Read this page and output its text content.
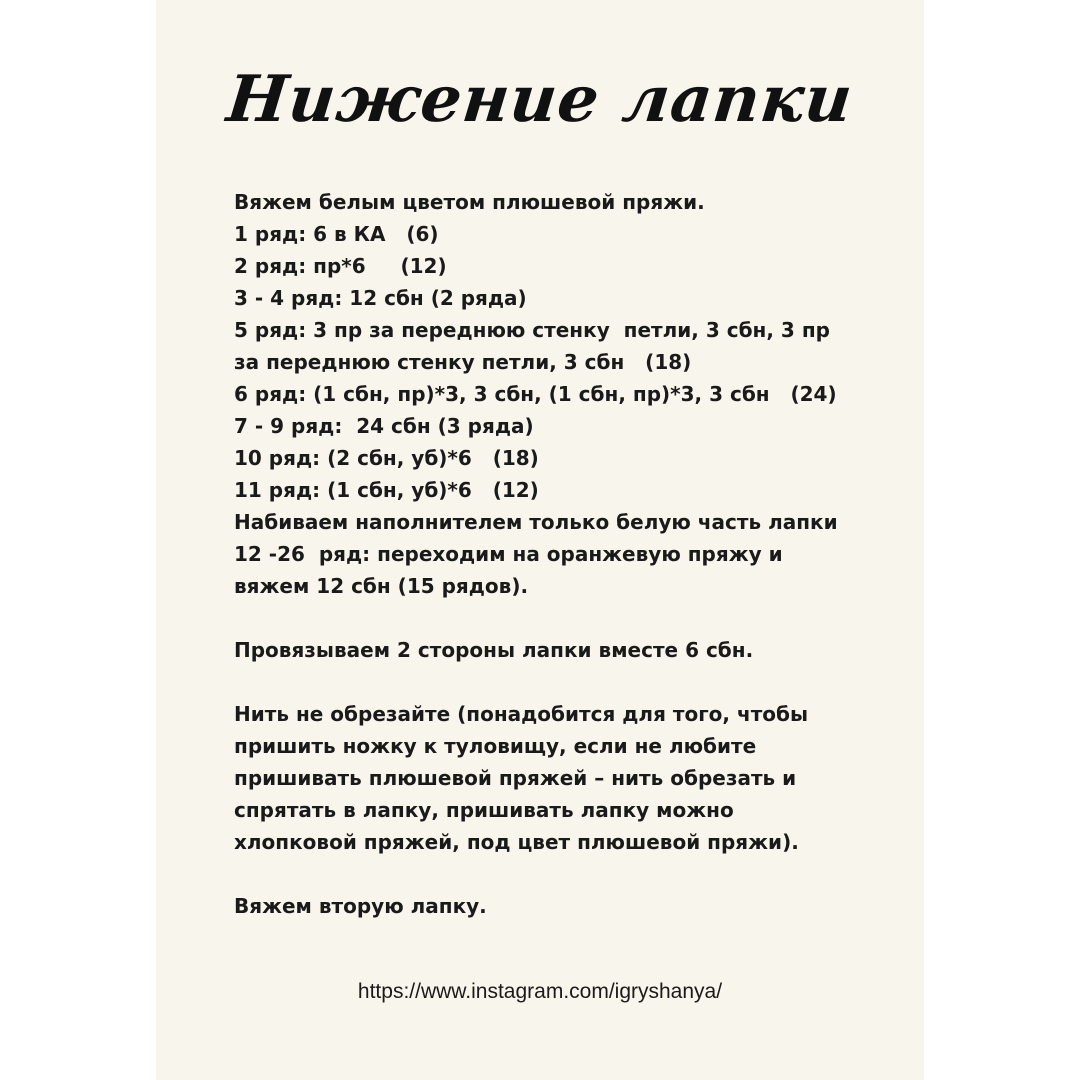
Нижение лапки
Вяжем белым цветом плюшевой пряжи.
1 ряд: 6 в КА   (6)
2 ряд: пр*6     (12)
3 - 4 ряд: 12 сбн (2 ряда)
5 ряд: 3 пр за переднюю стенку  петли, 3 сбн, 3 пр
за переднюю стенку петли, 3 сбн   (18)
6 ряд: (1 сбн, пр)*3, 3 сбн, (1 сбн, пр)*3, 3 сбн   (24)
7 - 9 ряд:  24 сбн (3 ряда)
10 ряд: (2 сбн, уб)*6   (18)
11 ряд: (1 сбн, уб)*6   (12)
Набиваем наполнителем только белую часть лапки
12 -26  ряд: переходим на оранжевую пряжу и
вяжем 12 сбн (15 рядов).
Провязываем 2 стороны лапки вместе 6 сбн.
Нить не обрезайте (понадобится для того, чтобы
пришить ножку к туловищу, если не любите
пришивать плюшевой пряжей – нить обрезать и
спрятать в лапку, пришивать лапку можно
хлопковой пряжей, под цвет плюшевой пряжи).
Вяжем вторую лапку.
https://www.instagram.com/igryshanya/
